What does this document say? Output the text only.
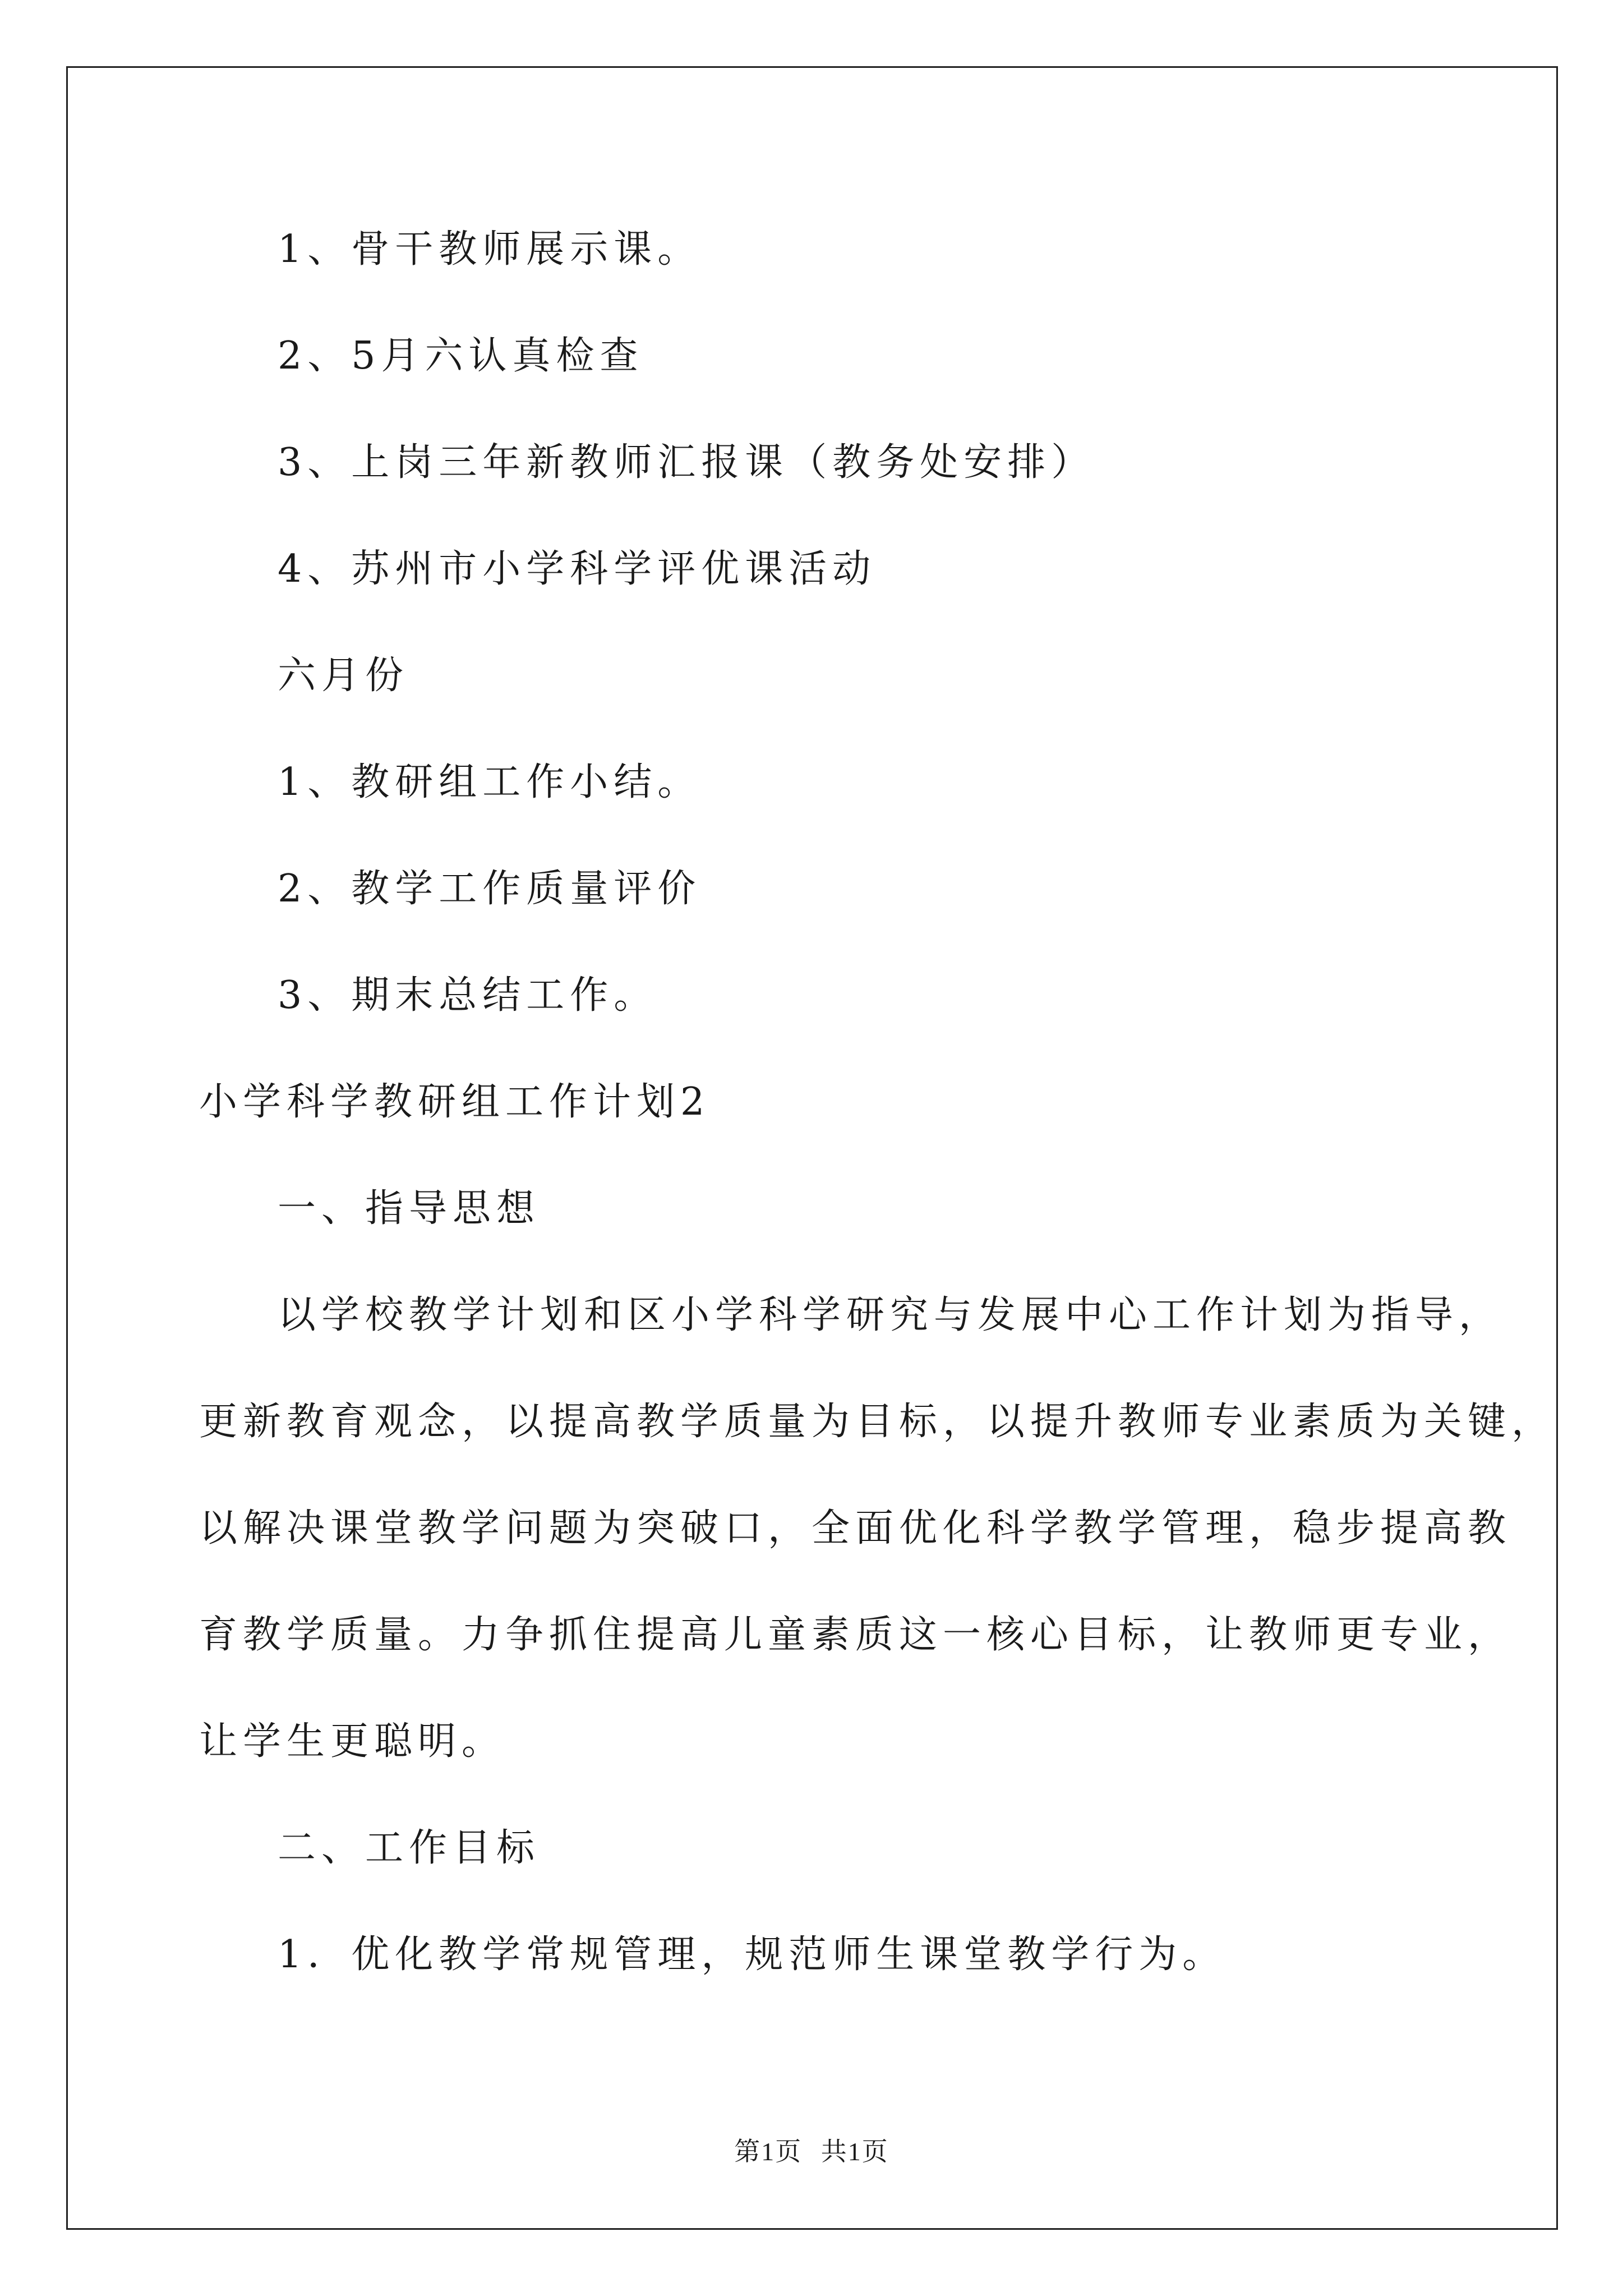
1、骨干教师展示课。
2、5月六认真检查
3、上岗三年新教师汇报课（教务处安排）
4、苏州市小学科学评优课活动
六月份
1、教研组工作小结。
2、教学工作质量评价
3、期末总结工作。
小学科学教研组工作计划2
一、指导思想
以学校教学计划和区小学科学研究与发展中心工作计划为指导，
更新教育观念，以提高教学质量为目标，以提升教师专业素质为关键，
以解决课堂教学问题为突破口，全面优化科学教学管理，稳步提高教
育教学质量。力争抓住提高儿童素质这一核心目标，让教师更专业，
让学生更聪明。
二、工作目标
1．优化教学常规管理，规范师生课堂教学行为。
第1页 共1页
